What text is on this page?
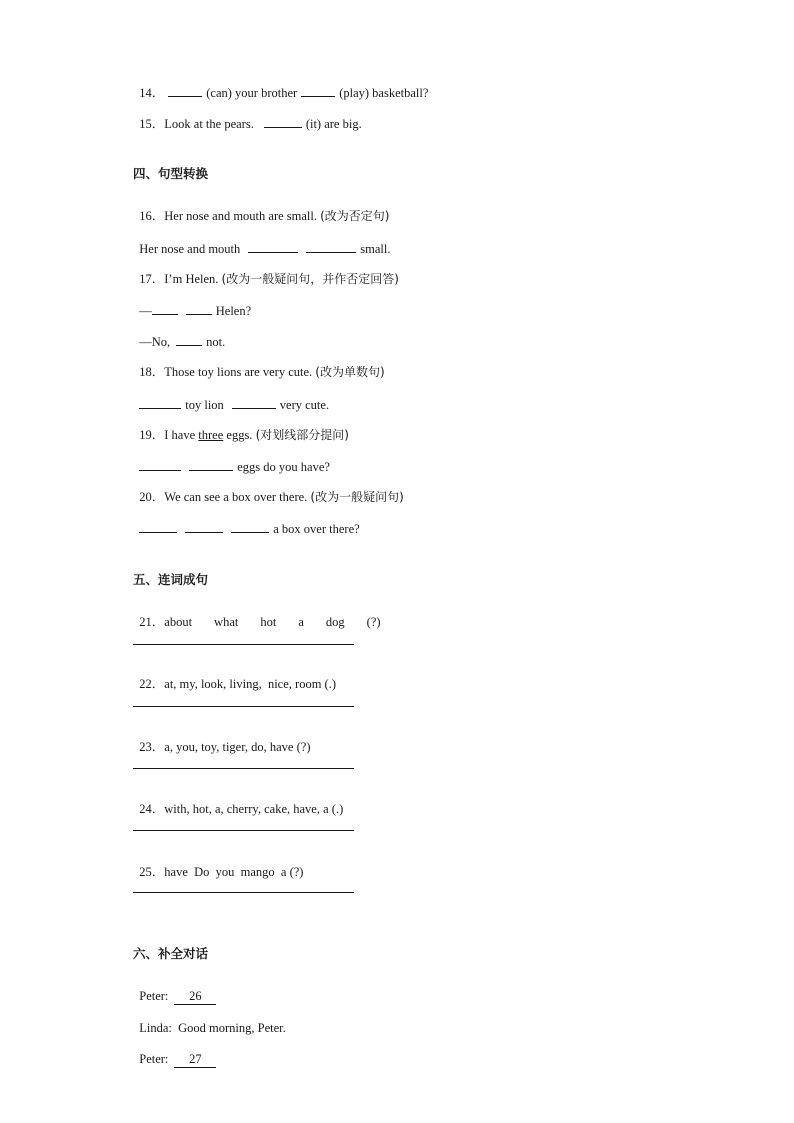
14．	(can) your brother	(play) basketball?

15．Look at the pears.	(it) are big.

四、句型转换

16．Her nose and mouth are small. (改为否定句)

Her nose and mouth	small.

17．I’m Helen. (改为一般疑问句，并作否定回答)

—	Helen?

—No,	not.

18．Those toy lions are very cute. (改为单数句)

toy lion	very cute.

19．I have three eggs. (对划线部分提问)

eggs do you have?

20．We can see a box over there. (改为一般疑问句)

a box over there?

五、连词成句

21．about what hot a dog (?)

22．at, my, look, living,  nice, room (.)

23．a, you, toy, tiger, do, have (?)

24．with, hot, a, cherry, cake, have, a (.)

25．have  Do  you  mango  a (?)

六、补全对话

Peter: 26

Linda: Good morning, Peter.

Peter: 27
